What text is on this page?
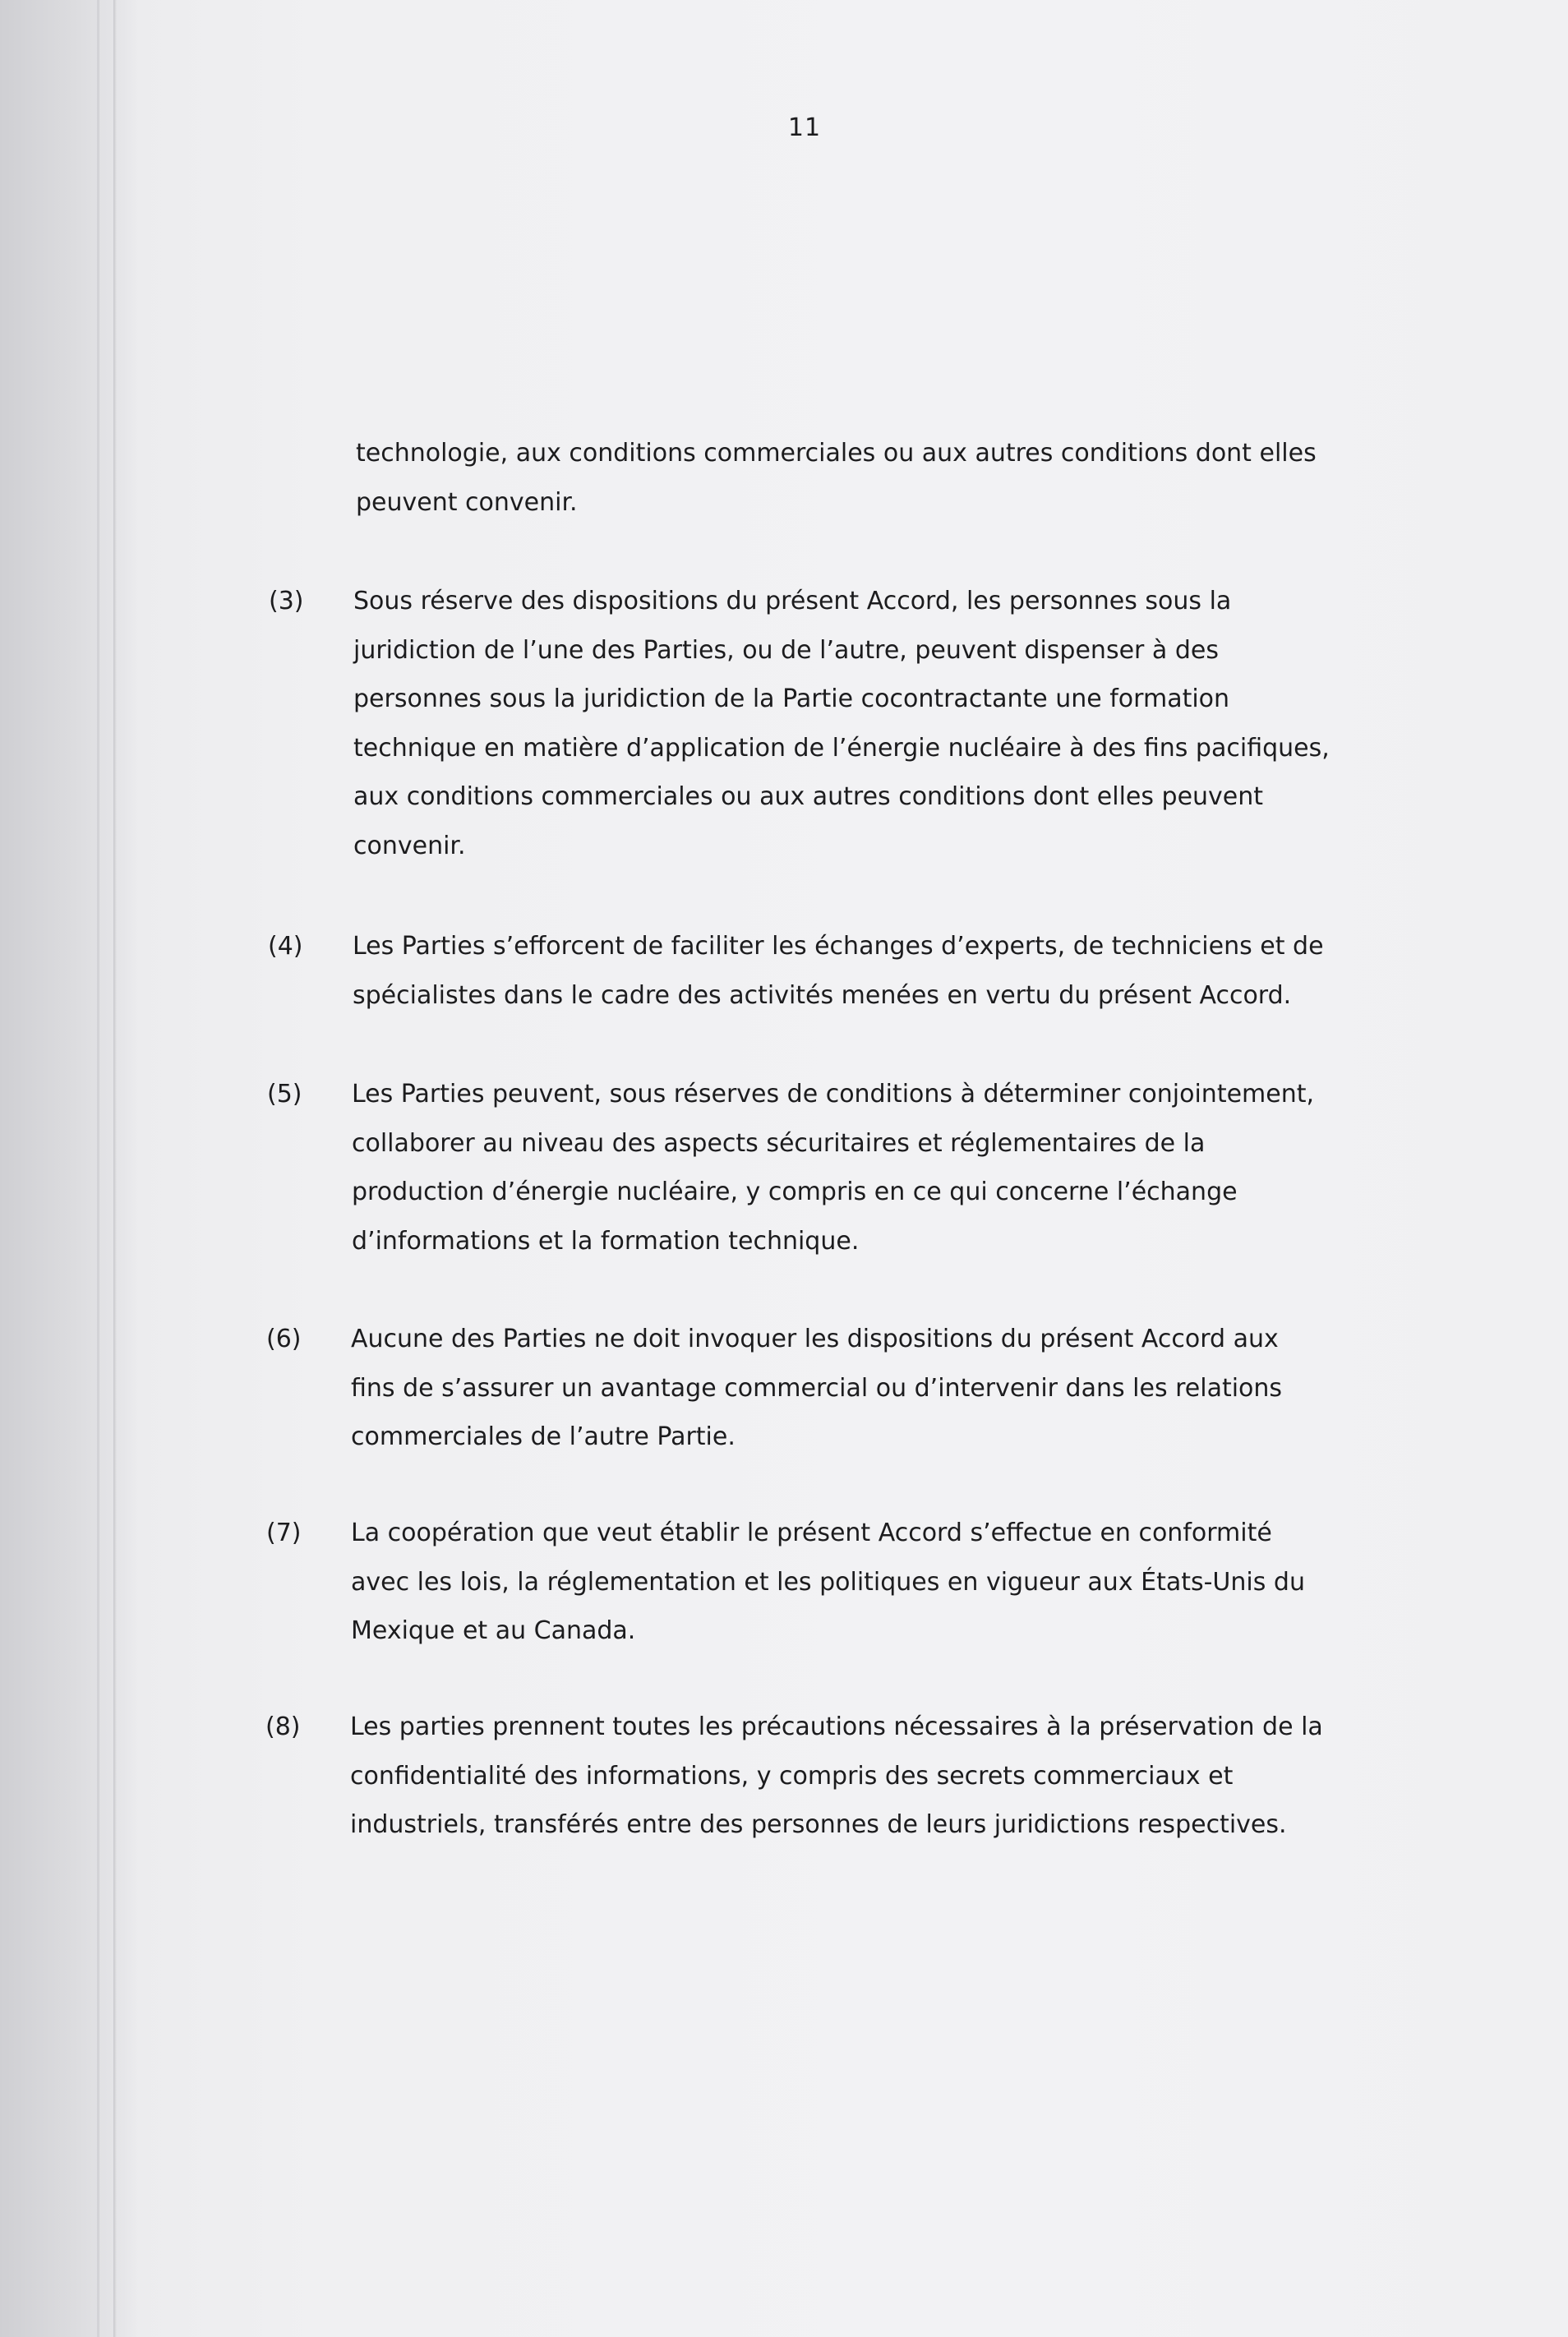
11
technologie, aux conditions commerciales ou aux autres conditions dont elles
peuvent convenir.
(3) Sous réserve des dispositions du présent Accord, les personnes sous la
juridiction de l’une des Parties, ou de l’autre, peuvent dispenser à des
personnes sous la juridiction de la Partie cocontractante une formation
technique en matière d’application de l’énergie nucléaire à des fins pacifiques,
aux conditions commerciales ou aux autres conditions dont elles peuvent
convenir.
(4) Les Parties s’efforcent de faciliter les échanges d’experts, de techniciens et de
spécialistes dans le cadre des activités menées en vertu du présent Accord.
(5) Les Parties peuvent, sous réserves de conditions à déterminer conjointement,
collaborer au niveau des aspects sécuritaires et réglementaires de la
production d’énergie nucléaire, y compris en ce qui concerne l’échange
d’informations et la formation technique.
(6) Aucune des Parties ne doit invoquer les dispositions du présent Accord aux
fins de s’assurer un avantage commercial ou d’intervenir dans les relations
commerciales de l’autre Partie.
(7) La coopération que veut établir le présent Accord s’effectue en conformité
avec les lois, la réglementation et les politiques en vigueur aux États-Unis du
Mexique et au Canada.
(8) Les parties prennent toutes les précautions nécessaires à la préservation de la
confidentialité des informations, y compris des secrets commerciaux et
industriels, transférés entre des personnes de leurs juridictions respectives.
